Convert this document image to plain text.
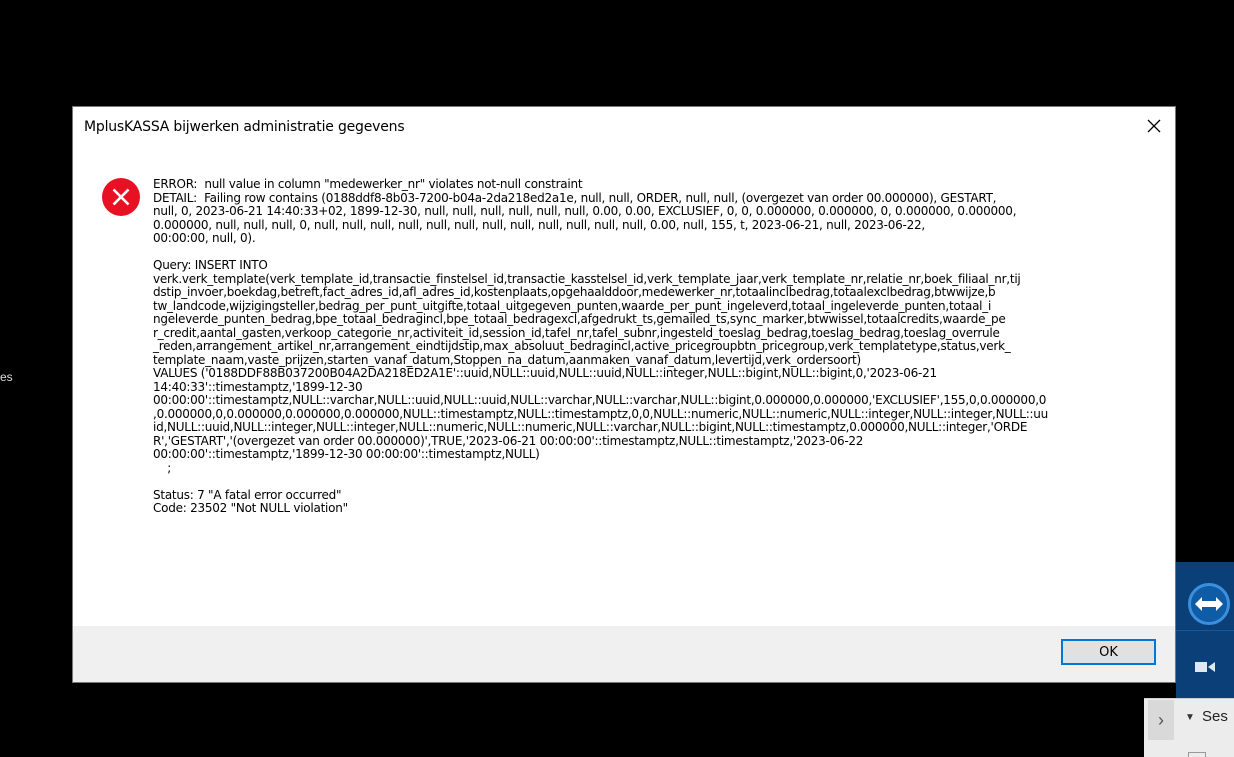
es
›	▼ Ses
MplusKASSA bijwerken administratie gegevens
ERROR:  null value in column "medewerker_nr" violates not-null constraint
DETAIL:  Failing row contains (0188ddf8-8b03-7200-b04a-2da218ed2a1e, null, null, ORDER, null, null, (overgezet van order 00.000000), GESTART,
null, 0, 2023-06-21 14:40:33+02, 1899-12-30, null, null, null, null, null, null, 0.00, 0.00, EXCLUSIEF, 0, 0, 0.000000, 0.000000, 0, 0.000000, 0.000000,
0.000000, null, null, null, 0, null, null, null, null, null, null, null, null, null, null, null, null, 0.00, null, 155, t, 2023-06-21, null, 2023-06-22,
00:00:00, null, 0).

Query: INSERT INTO
verk.verk_template(verk_template_id,transactie_finstelsel_id,transactie_kasstelsel_id,verk_template_jaar,verk_template_nr,relatie_nr,boek_filiaal_nr,tij
dstip_invoer,boekdag,betreft,fact_adres_id,afl_adres_id,kostenplaats,opgehaalddoor,medewerker_nr,totaalinclbedrag,totaalexclbedrag,btwwijze,b
tw_landcode,wijzigingsteller,bedrag_per_punt_uitgifte,totaal_uitgegeven_punten,waarde_per_punt_ingeleverd,totaal_ingeleverde_punten,totaal_i
ngeleverde_punten_bedrag,bpe_totaal_bedragincl,bpe_totaal_bedragexcl,afgedrukt_ts,gemailed_ts,sync_marker,btwwissel,totaalcredits,waarde_pe
r_credit,aantal_gasten,verkoop_categorie_nr,activiteit_id,session_id,tafel_nr,tafel_subnr,ingesteld_toeslag_bedrag,toeslag_bedrag,toeslag_overrule
_reden,arrangement_artikel_nr,arrangement_eindtijdstip,max_absoluut_bedragincl,active_pricegroupbtn_pricegroup,verk_templatetype,status,verk_
template_naam,vaste_prijzen,starten_vanaf_datum,Stoppen_na_datum,aanmaken_vanaf_datum,levertijd,verk_ordersoort)
VALUES ('0188DDF88B037200B04A2DA218ED2A1E'::uuid,NULL::uuid,NULL::uuid,NULL::integer,NULL::bigint,NULL::bigint,0,'2023-06-21
14:40:33'::timestamptz,'1899-12-30
00:00:00'::timestamptz,NULL::varchar,NULL::uuid,NULL::uuid,NULL::varchar,NULL::varchar,NULL::bigint,0.000000,0.000000,'EXCLUSIEF',155,0,0.000000,0
,0.000000,0,0.000000,0.000000,0.000000,NULL::timestamptz,NULL::timestamptz,0,0,NULL::numeric,NULL::numeric,NULL::integer,NULL::integer,NULL::uu
id,NULL::uuid,NULL::integer,NULL::integer,NULL::numeric,NULL::numeric,NULL::varchar,NULL::bigint,NULL::timestamptz,0.000000,NULL::integer,'ORDE
R','GESTART','(overgezet van order 00.000000)',TRUE,'2023-06-21 00:00:00'::timestamptz,NULL::timestamptz,'2023-06-22
00:00:00'::timestamptz,'1899-12-30 00:00:00'::timestamptz,NULL)
;

Status: 7 "A fatal error occurred"
Code: 23502 "Not NULL violation"
OK
